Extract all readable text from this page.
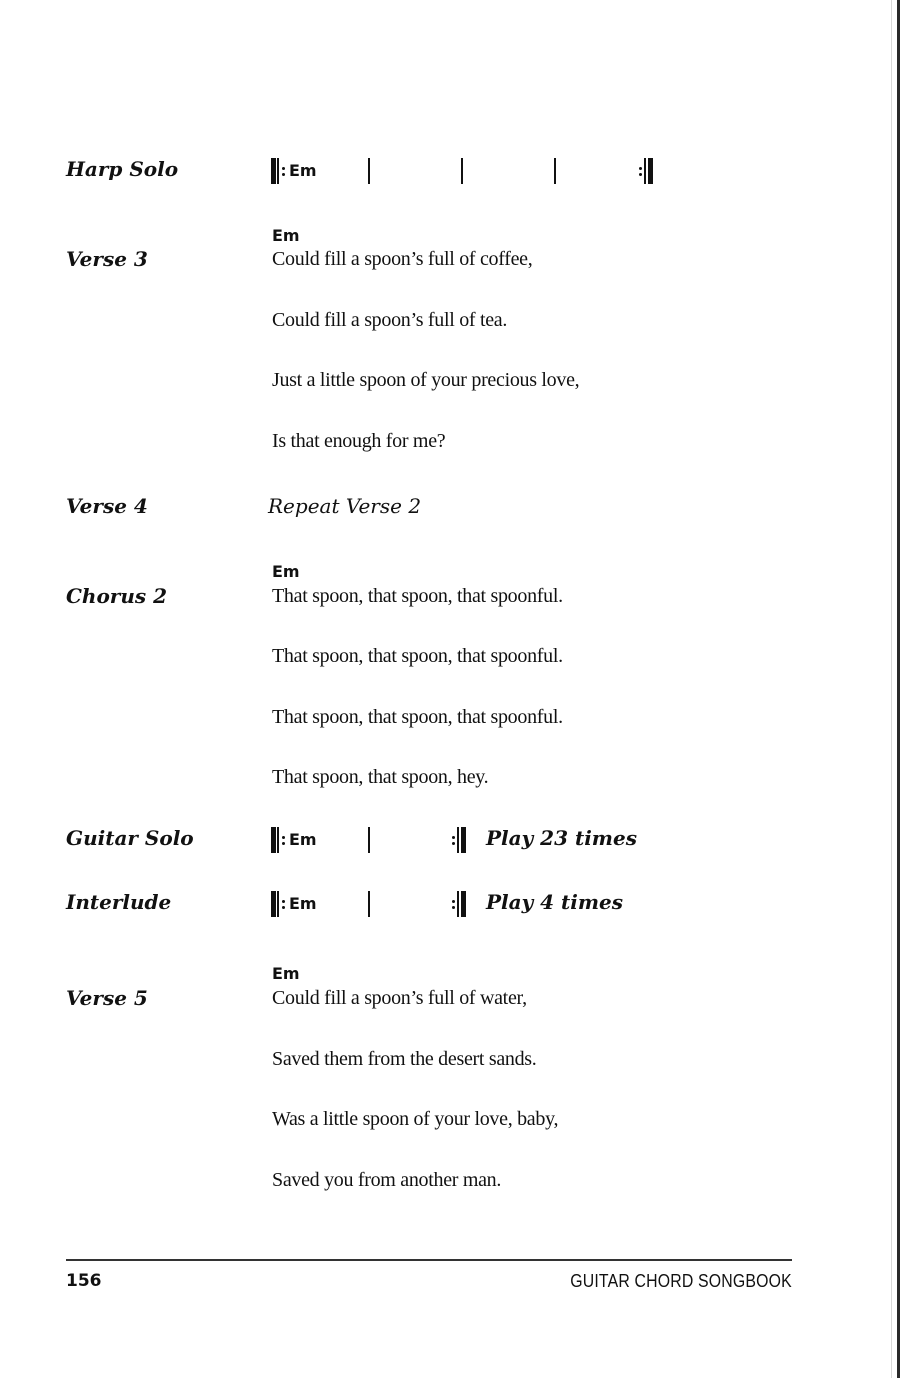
Harp Solo	Em
Em
Verse 3	Could fill a spoon’s full of coffee,
Could fill a spoon’s full of tea.
Just a little spoon of your precious love,
Is that enough for me?
Verse 4	Repeat Verse 2
Em
Chorus 2	That spoon, that spoon, that spoonful.
That spoon, that spoon, that spoonful.
That spoon, that spoon, that spoonful.
That spoon, that spoon, hey.
Guitar Solo	Em	Play 23 times
Interlude	Em	Play 4 times
Em
Verse 5	Could fill a spoon’s full of water,
Saved them from the desert sands.
Was a little spoon of your love, baby,
Saved you from another man.
156	GUITAR CHORD SONGBOOK
